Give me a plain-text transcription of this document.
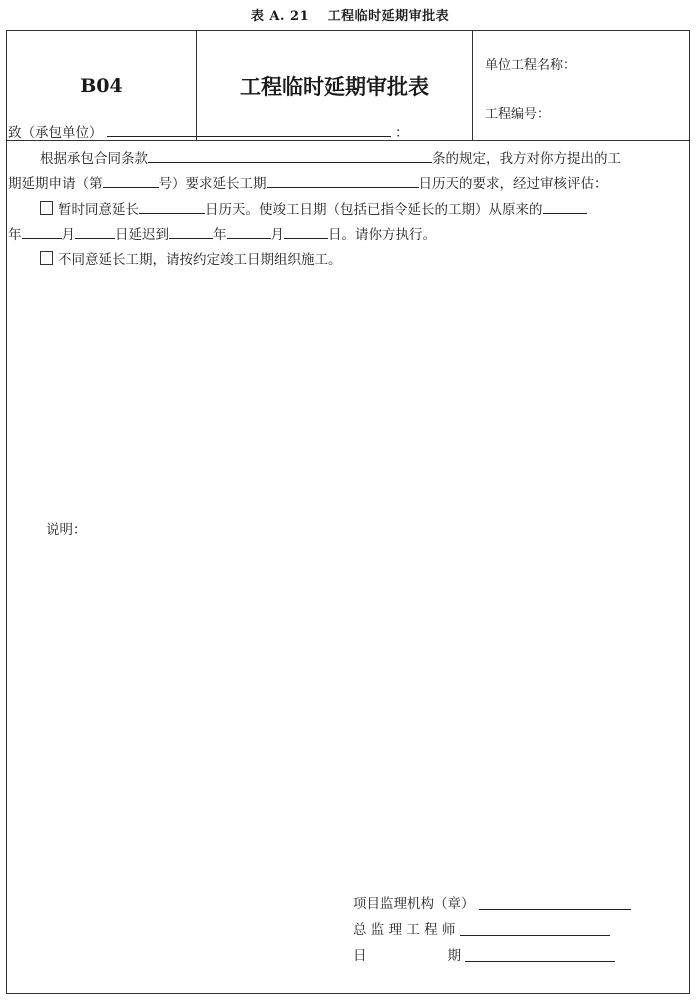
表 A. 21　 工程临时延期审批表
B04	工程临时延期审批表
单位工程名称：
工程编号：
致（承包单位）	：
根据承包合同条款	条的规定，我方对你方提出的工
期延期申请（第	号）要求延长工期	日历天的要求，经过审核评估：
暂时同意延长	日历天。使竣工日期（包括已指令延长的工期）从原来的
年	月	日延迟到	年	月	日。请你方执行。
不同意延长工期，请按约定竣工日期组织施工。
说明：
项目监理机构（章）
总 监 理 工 程 师
日　　　　　　期
